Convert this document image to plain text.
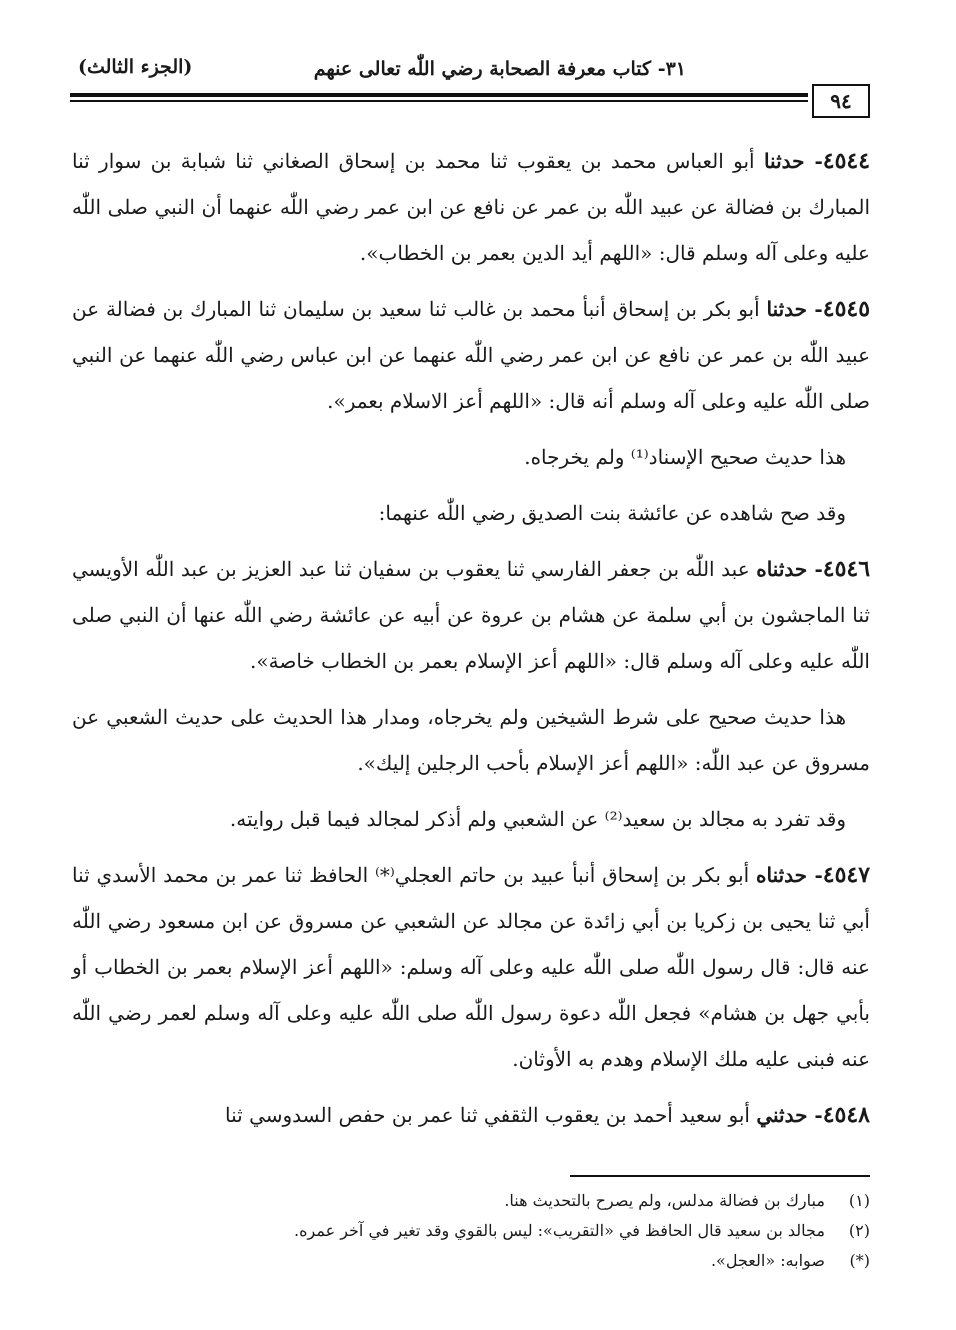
٣١- كتاب معرفة الصحابة رضي اللّٰه تعالى عنهم
(الجزء الثالث)
٩٤

٤٥٤٤- حدثنا أبو العباس محمد بن يعقوب ثنا محمد بن إسحاق الصغاني ثنا شبابة بن سوار ثنا المبارك بن فضالة عن عبيد اللّٰه بن عمر عن نافع عن ابن عمر رضي اللّٰه عنهما أن النبي صلى اللّٰه عليه وعلى آله وسلم قال: «اللهم أيد الدين بعمر بن الخطاب».

٤٥٤٥- حدثنا أبو بكر بن إسحاق أنبأ محمد بن غالب ثنا سعيد بن سليمان ثنا المبارك بن فضالة عن عبيد اللّٰه بن عمر عن نافع عن ابن عمر رضي اللّٰه عنهما عن ابن عباس رضي اللّٰه عنهما عن النبي صلى اللّٰه عليه وعلى آله وسلم أنه قال: «اللهم أعز الاسلام بعمر».

هذا حديث صحيح الإسناد⁽¹⁾ ولم يخرجاه.

وقد صح شاهده عن عائشة بنت الصديق رضي اللّٰه عنهما:

٤٥٤٦- حدثناه عبد اللّٰه بن جعفر الفارسي ثنا يعقوب بن سفيان ثنا عبد العزيز بن عبد اللّٰه الأويسي ثنا الماجشون بن أبي سلمة عن هشام بن عروة عن أبيه عن عائشة رضي اللّٰه عنها أن النبي صلى اللّٰه عليه وعلى آله وسلم قال: «اللهم أعز الإسلام بعمر بن الخطاب خاصة».

هذا حديث صحيح على شرط الشيخين ولم يخرجاه، ومدار هذا الحديث على حديث الشعبي عن مسروق عن عبد اللّٰه: «اللهم أعز الإسلام بأحب الرجلين إليك».

وقد تفرد به مجالد بن سعيد⁽²⁾ عن الشعبي ولم أذكر لمجالد فيما قبل روايته.

٤٥٤٧- حدثناه أبو بكر بن إسحاق أنبأ عبيد بن حاتم العجلي⁽*⁾ الحافظ ثنا عمر بن محمد الأسدي ثنا أبي ثنا يحيى بن زكريا بن أبي زائدة عن مجالد عن الشعبي عن مسروق عن ابن مسعود رضي اللّٰه عنه قال: قال رسول اللّٰه صلى اللّٰه عليه وعلى آله وسلم: «اللهم أعز الإسلام بعمر بن الخطاب أو بأبي جهل بن هشام» فجعل اللّٰه دعوة رسول اللّٰه صلى اللّٰه عليه وعلى آله وسلم لعمر رضي اللّٰه عنه فبنى عليه ملك الإسلام وهدم به الأوثان.

٤٥٤٨- حدثني أبو سعيد أحمد بن يعقوب الثقفي ثنا عمر بن حفص السدوسي ثنا

(١) مبارك بن فضالة مدلس، ولم يصرح بالتحديث هنا.
(٢) مجالد بن سعيد قال الحافظ في «التقريب»: ليس بالقوي وقد تغير في آخر عمره.
(*) صوابه: «العجل».
